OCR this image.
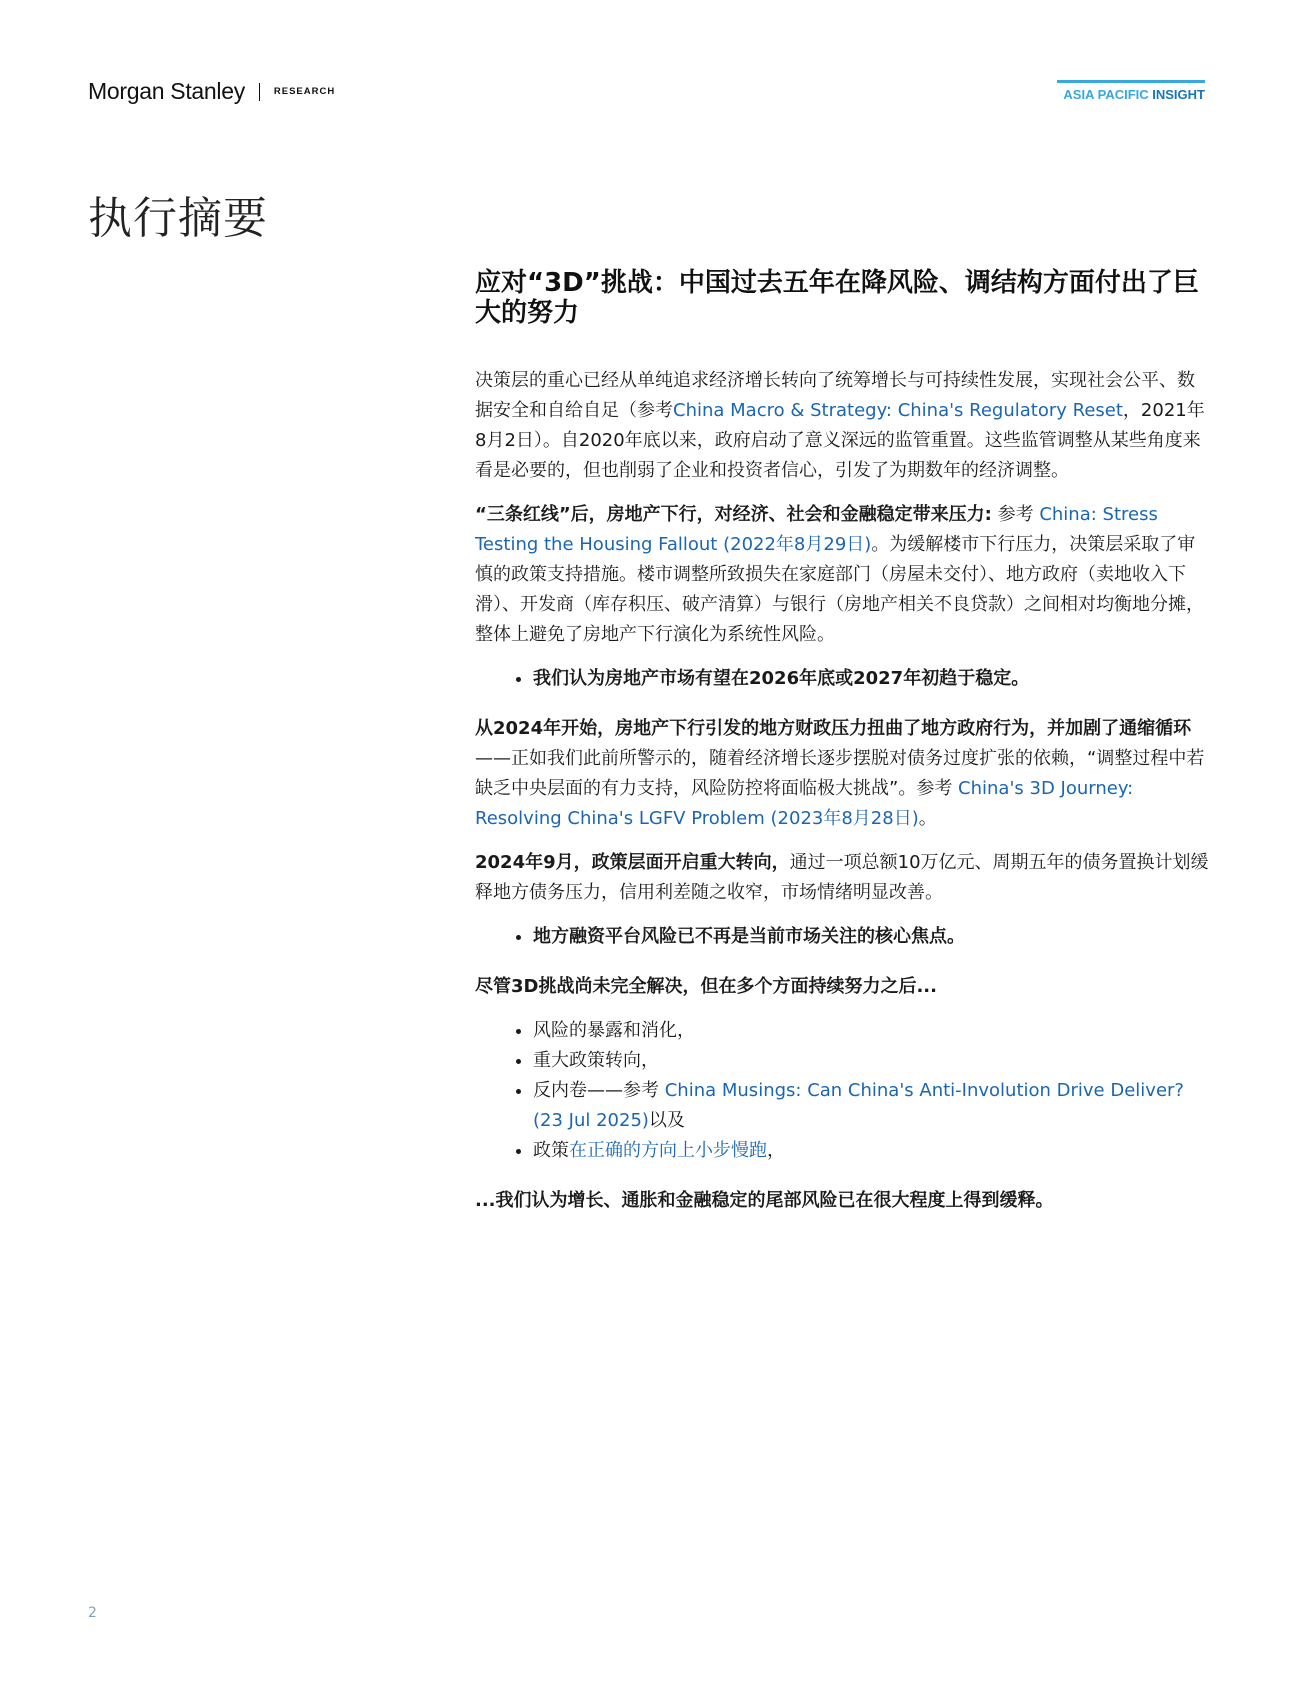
Morgan Stanley	RESEARCH	ASIA PACIFIC INSIGHT
执行摘要
应对“3D”挑战：中国过去五年在降风险、调结构方面付出了巨大的努力

决策层的重心已经从单纯追求经济增长转向了统筹增长与可持续性发展，实现社会公平、数据安全和自给自足（参考China Macro & Strategy: China's Regulatory Reset，2021年8月2日）。自2020年底以来，政府启动了意义深远的监管重置。这些监管调整从某些角度来看是必要的，但也削弱了企业和投资者信心，引发了为期数年的经济调整。

“三条红线”后，房地产下行，对经济、社会和金融稳定带来压力: 参考 China: Stress Testing the Housing Fallout (2022年8月29日)。为缓解楼市下行压力，决策层采取了审慎的政策支持措施。楼市调整所致损失在家庭部门（房屋未交付）、地方政府（卖地收入下滑）、开发商（库存积压、破产清算）与银行（房地产相关不良贷款）之间相对均衡地分摊，整体上避免了房地产下行演化为系统性风险。

• 我们认为房地产市场有望在2026年底或2027年初趋于稳定。

从2024年开始，房地产下行引发的地方财政压力扭曲了地方政府行为，并加剧了通缩循环——正如我们此前所警示的，随着经济增长逐步摆脱对债务过度扩张的依赖，“调整过程中若缺乏中央层面的有力支持，风险防控将面临极大挑战”。参考 China's 3D Journey: Resolving China's LGFV Problem (2023年8月28日)。

2024年9月，政策层面开启重大转向，通过一项总额10万亿元、周期五年的债务置换计划缓释地方债务压力，信用利差随之收窄，市场情绪明显改善。

• 地方融资平台风险已不再是当前市场关注的核心焦点。

尽管3D挑战尚未完全解决，但在多个方面持续努力之后...

• 风险的暴露和消化，
• 重大政策转向，
• 反内卷——参考 China Musings: Can China's Anti-Involution Drive Deliver? (23 Jul 2025)以及
• 政策在正确的方向上小步慢跑，

...我们认为增长、通胀和金融稳定的尾部风险已在很大程度上得到缓释。

2
